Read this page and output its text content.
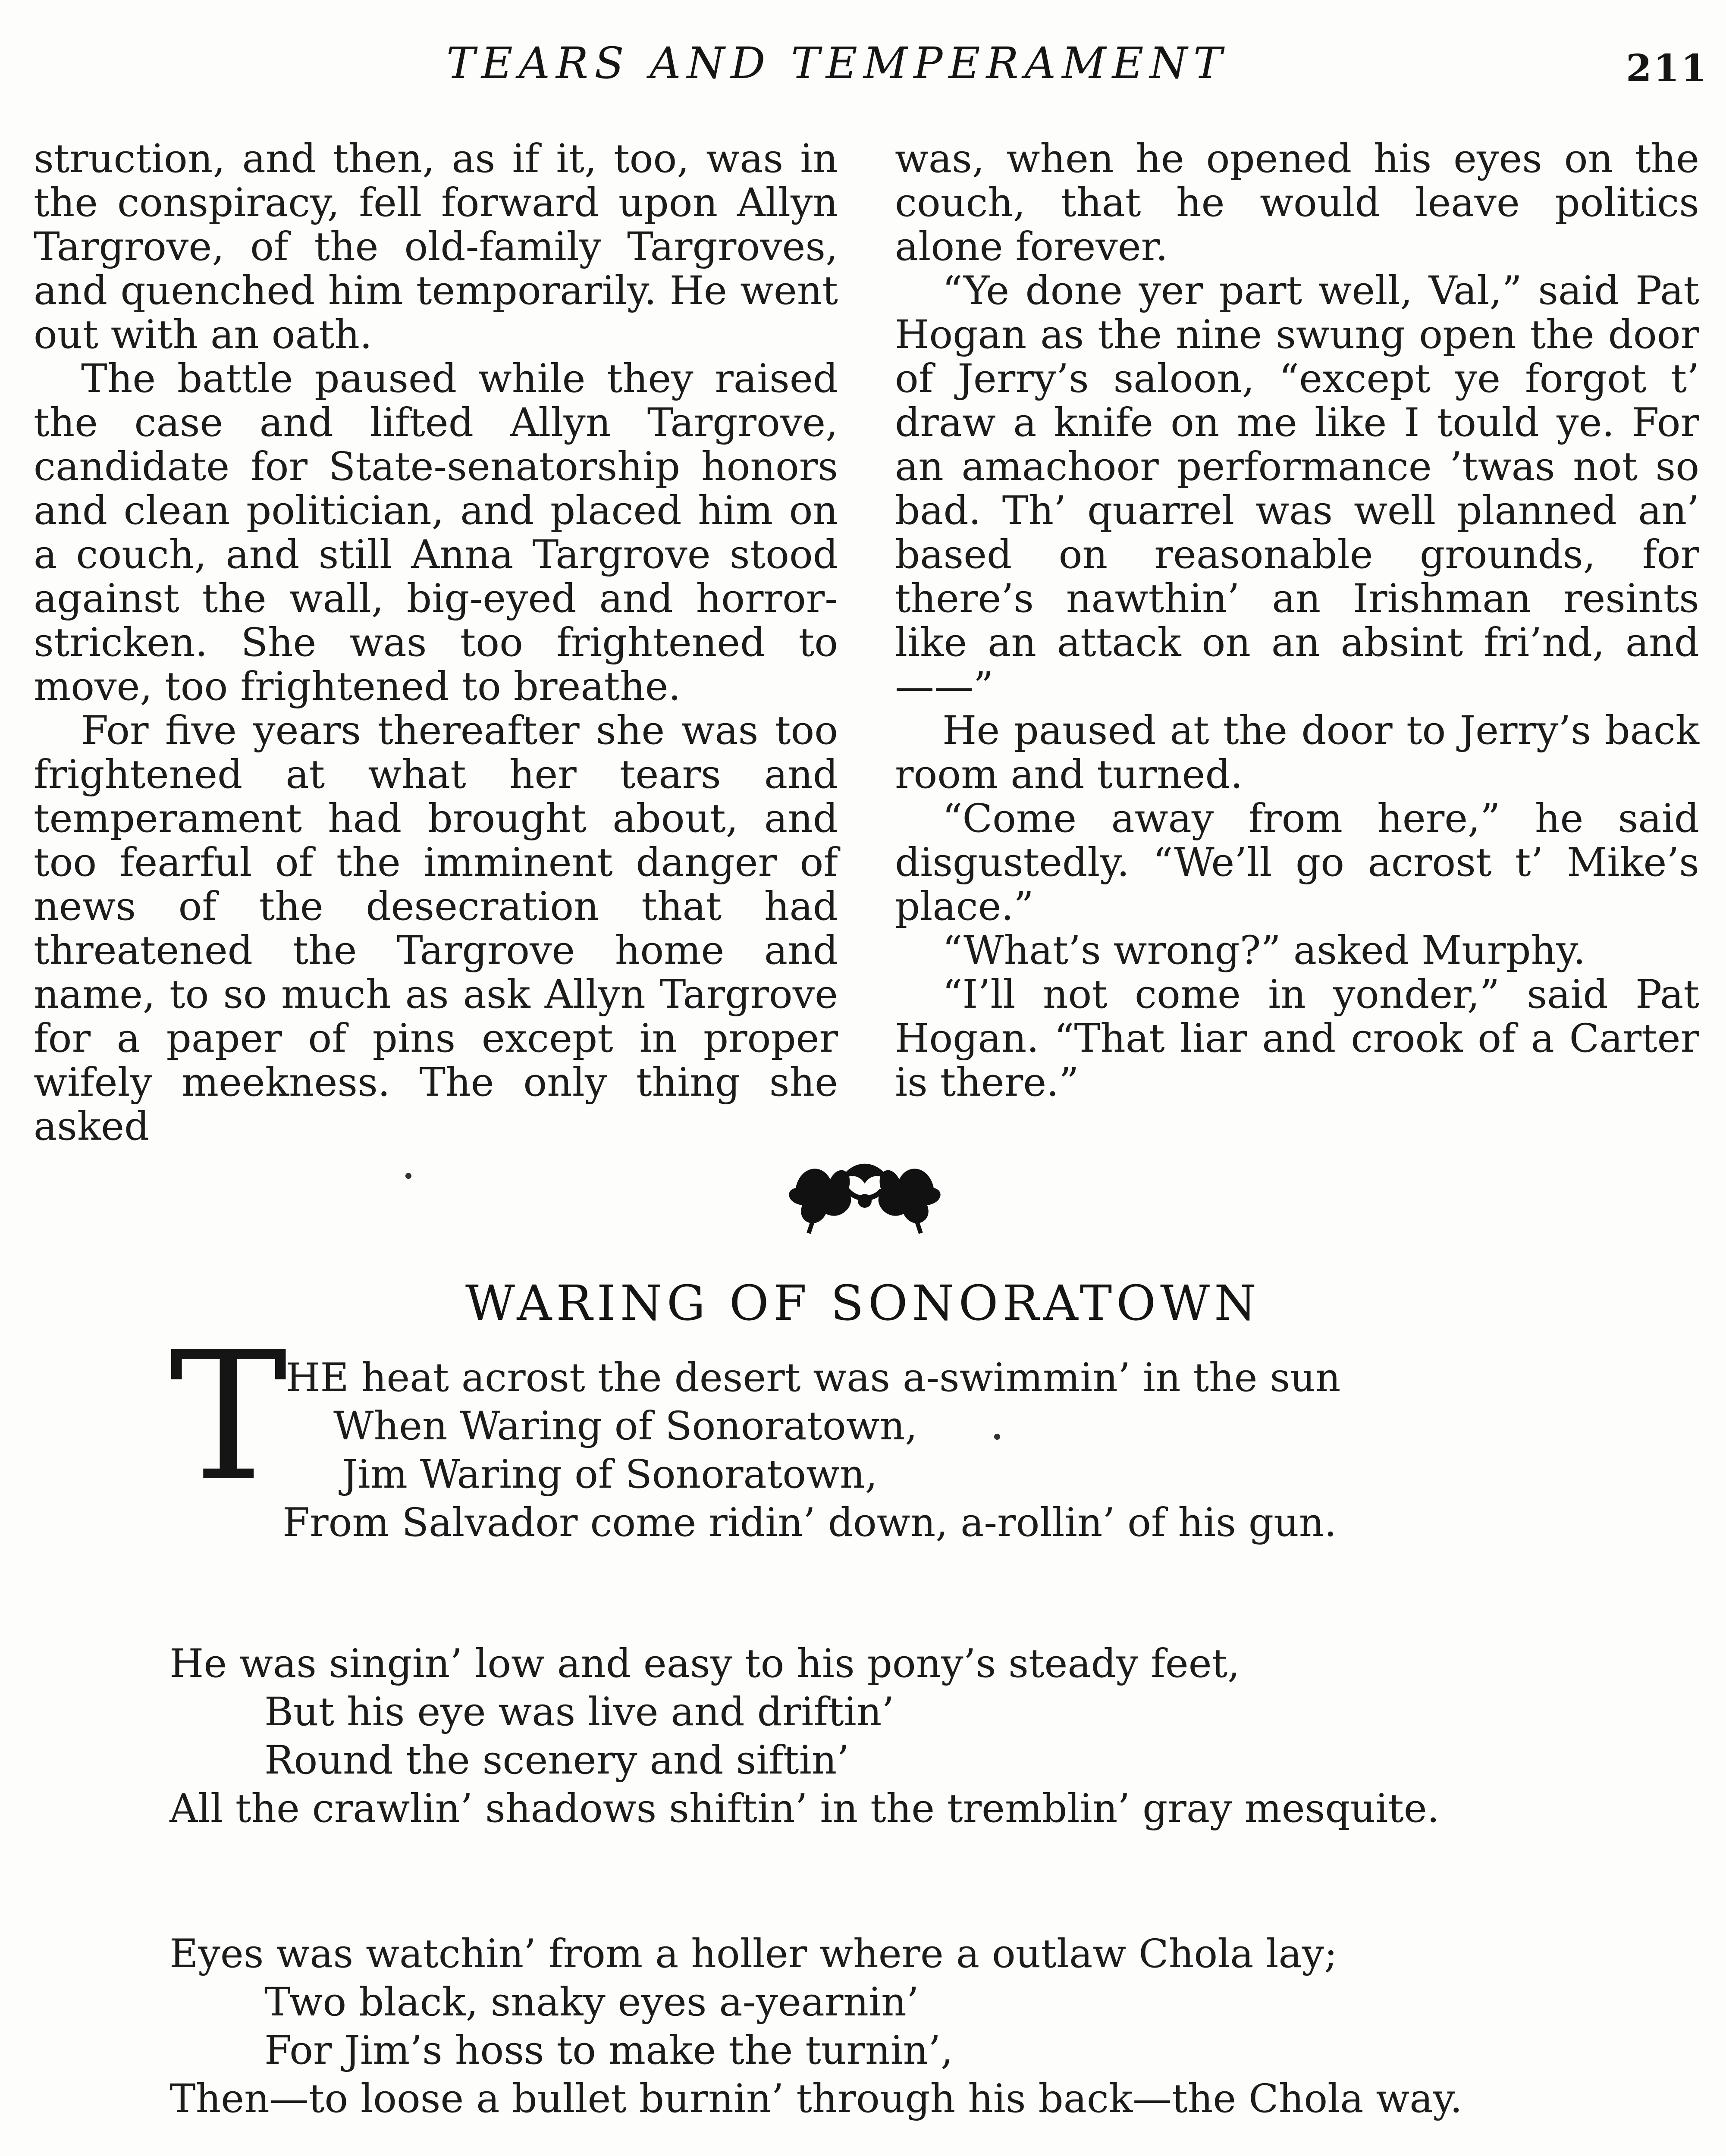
TEARS AND TEMPERAMENT	211

struction, and then, as if it, too, was in the conspiracy, fell forward upon Allyn Targrove, of the old-family Targroves, and quenched him temporarily. He went out with an oath.

The battle paused while they raised the case and lifted Allyn Targrove, candidate for State-senatorship honors and clean politician, and placed him on a couch, and still Anna Targrove stood against the wall, big-eyed and horror-stricken. She was too frightened to move, too frightened to breathe.

For five years thereafter she was too frightened at what her tears and temperament had brought about, and too fearful of the imminent danger of news of the desecration that had threatened the Targrove home and name, to so much as ask Allyn Targrove for a paper of pins except in proper wifely meekness. The only thing she asked

was, when he opened his eyes on the couch, that he would leave politics alone forever.

“Ye done yer part well, Val,” said Pat Hogan as the nine swung open the door of Jerry’s saloon, “except ye forgot t’ draw a knife on me like I tould ye. For an amachoor performance ’twas not so bad. Th’ quarrel was well planned an’ based on reasonable grounds, for there’s nawthin’ an Irishman resints like an attack on an absint fri’nd, and——”

He paused at the door to Jerry’s back room and turned.

“Come away from here,” he said disgustedly. “We’ll go acrost t’ Mike’s place.”

“What’s wrong?” asked Murphy.

“I’ll not come in yonder,” said Pat Hogan. “That liar and crook of a Carter is there.”

WARING OF SONORATOWN
T
HE heat acrost the desert was a-swimmin’ in the sun
When Waring of Sonoratown,
Jim Waring of Sonoratown,
From Salvador come ridin’ down, a-rollin’ of his gun.
He was singin’ low and easy to his pony’s steady feet,
But his eye was live and driftin’
Round the scenery and siftin’
All the crawlin’ shadows shiftin’ in the tremblin’ gray mesquite.
Eyes was watchin’ from a holler where a outlaw Chola lay;
Two black, snaky eyes a-yearnin’
For Jim’s hoss to make the turnin’,
Then—to loose a bullet burnin’ through his back—the Chola way.
